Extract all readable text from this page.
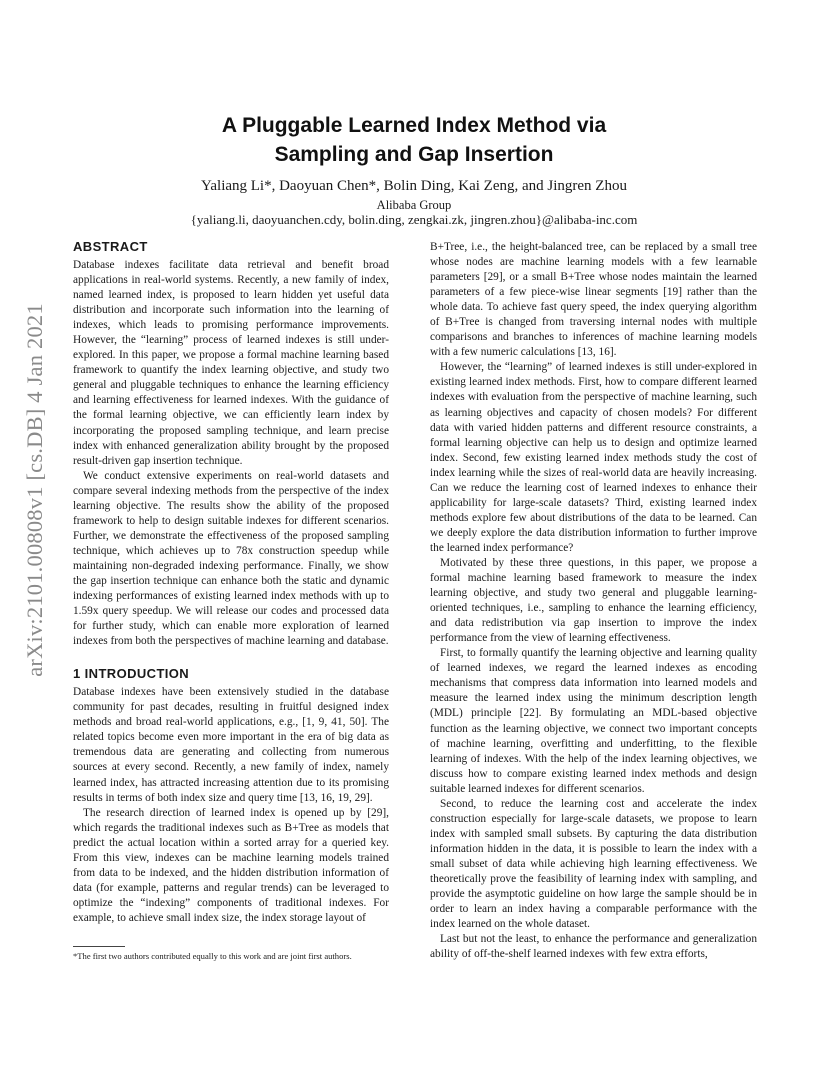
arXiv:2101.00808v1 [cs.DB] 4 Jan 2021
A Pluggable Learned Index Method via
Sampling and Gap Insertion
Yaliang Li*, Daoyuan Chen*, Bolin Ding, Kai Zeng, and Jingren Zhou
Alibaba Group
{yaliang.li, daoyuanchen.cdy, bolin.ding, zengkai.zk, jingren.zhou}@alibaba-inc.com
ABSTRACT

Database indexes facilitate data retrieval and benefit broad applications in real-world systems. Recently, a new family of index, named learned index, is proposed to learn hidden yet useful data distribution and incorporate such information into the learning of indexes, which leads to promising performance improvements. However, the “learning” process of learned indexes is still under-explored. In this paper, we propose a formal machine learning based framework to quantify the index learning objective, and study two general and pluggable techniques to enhance the learning efficiency and learning effectiveness for learned indexes. With the guidance of the formal learning objective, we can efficiently learn index by incorporating the proposed sampling technique, and learn precise index with enhanced generalization ability brought by the proposed result-driven gap insertion technique.

We conduct extensive experiments on real-world datasets and compare several indexing methods from the perspective of the index learning objective. The results show the ability of the proposed framework to help to design suitable indexes for different scenarios. Further, we demonstrate the effectiveness of the proposed sampling technique, which achieves up to 78x construction speedup while maintaining non-degraded indexing performance. Finally, we show the gap insertion technique can enhance both the static and dynamic indexing performances of existing learned index methods with up to 1.59x query speedup. We will release our codes and processed data for further study, which can enable more exploration of learned indexes from both the perspectives of machine learning and database.

1 INTRODUCTION

Database indexes have been extensively studied in the database community for past decades, resulting in fruitful designed index methods and broad real-world applications, e.g., [1, 9, 41, 50]. The related topics become even more important in the era of big data as tremendous data are generating and collecting from numerous sources at every second. Recently, a new family of index, namely learned index, has attracted increasing attention due to its promising results in terms of both index size and query time [13, 16, 19, 29].

The research direction of learned index is opened up by [29], which regards the traditional indexes such as B+Tree as models that predict the actual location within a sorted array for a queried key. From this view, indexes can be machine learning models trained from data to be indexed, and the hidden distribution information of data (for example, patterns and regular trends) can be leveraged to optimize the “indexing” components of traditional indexes. For example, to achieve small index size, the index storage layout of

B+Tree, i.e., the height-balanced tree, can be replaced by a small tree whose nodes are machine learning models with a few learnable parameters [29], or a small B+Tree whose nodes maintain the learned parameters of a few piece-wise linear segments [19] rather than the whole data. To achieve fast query speed, the index querying algorithm of B+Tree is changed from traversing internal nodes with multiple comparisons and branches to inferences of machine learning models with a few numeric calculations [13, 16].

However, the “learning” of learned indexes is still under-explored in existing learned index methods. First, how to compare different learned indexes with evaluation from the perspective of machine learning, such as learning objectives and capacity of chosen models? For different data with varied hidden patterns and different resource constraints, a formal learning objective can help us to design and optimize learned index. Second, few existing learned index methods study the cost of index learning while the sizes of real-world data are heavily increasing. Can we reduce the learning cost of learned indexes to enhance their applicability for large-scale datasets? Third, existing learned index methods explore few about distributions of the data to be learned. Can we deeply explore the data distribution information to further improve the learned index performance?

Motivated by these three questions, in this paper, we propose a formal machine learning based framework to measure the index learning objective, and study two general and pluggable learning-oriented techniques, i.e., sampling to enhance the learning efficiency, and data redistribution via gap insertion to improve the index performance from the view of learning effectiveness.

First, to formally quantify the learning objective and learning quality of learned indexes, we regard the learned indexes as encoding mechanisms that compress data information into learned models and measure the learned index using the minimum description length (MDL) principle [22]. By formulating an MDL-based objective function as the learning objective, we connect two important concepts of machine learning, overfitting and underfitting, to the flexible learning of indexes. With the help of the index learning objectives, we discuss how to compare existing learned index methods and design suitable learned indexes for different scenarios.

Second, to reduce the learning cost and accelerate the index construction especially for large-scale datasets, we propose to learn index with sampled small subsets. By capturing the data distribution information hidden in the data, it is possible to learn the index with a small subset of data while achieving high learning effectiveness. We theoretically prove the feasibility of learning index with sampling, and provide the asymptotic guideline on how large the sample should be in order to learn an index having a comparable performance with the index learned on the whole dataset.

Last but not the least, to enhance the performance and generalization ability of off-the-shelf learned indexes with few extra efforts,

*The first two authors contributed equally to this work and are joint first authors.
